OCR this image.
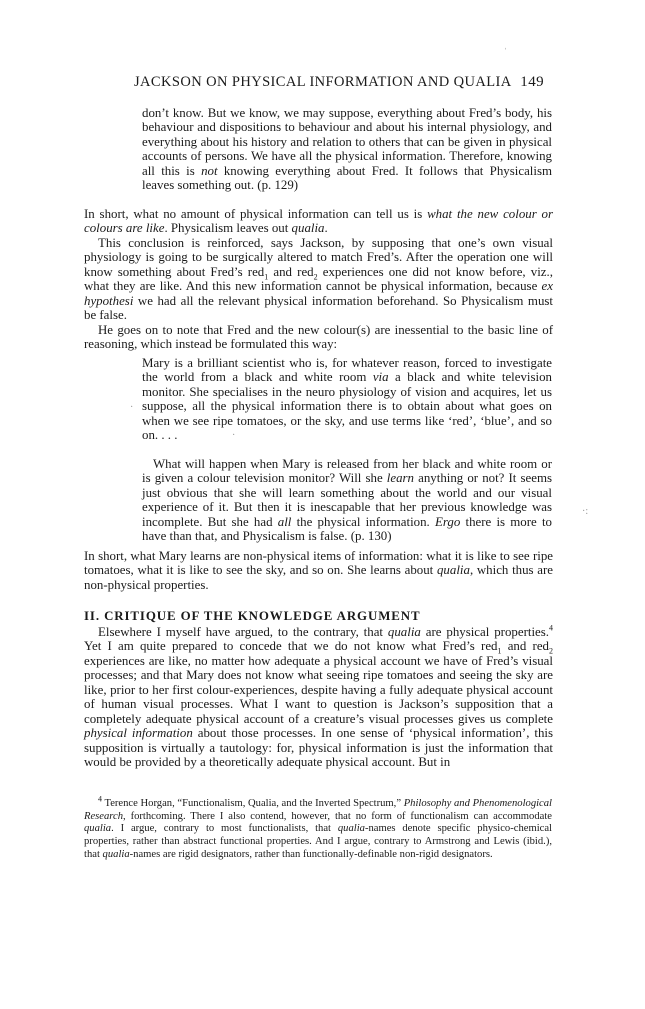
JACKSON ON PHYSICAL INFORMATION AND QUALIA 149
ˈ

don’t know. But we know, we may suppose, everything about Fred’s body, his behaviour and dispositions to behaviour and about his internal physiology, and everything about his history and relation to others that can be given in physical accounts of persons. We have all the physical information. Therefore, knowing all this is not knowing everything about Fred. It follows that Physicalism leaves something out. (p. 129)

In short, what no amount of physical information can tell us is what the new colour or colours are like. Physicalism leaves out qualia.

This conclusion is reinforced, says Jackson, by supposing that one’s own visual physiology is going to be surgically altered to match Fred’s. After the operation one will know something about Fred’s red$_1$ and red$_2$ experiences one did not know before, viz., what they are like. And this new information cannot be physical information, because ex hypothesi we had all the relevant physical information beforehand. So Physicalism must be false.

He goes on to note that Fred and the new colour(s) are inessential to the basic line of reasoning, which instead be formulated this way:

Mary is a brilliant scientist who is, for whatever reason, forced to investigate the world from a black and white room via a black and white television monitor. She specialises in the neuro physiology of vision and acquires, let us suppose, all the physical information there is to obtain about what goes on when we see ripe tomatoes, or the sky, and use terms like ‘red’, ‘blue’, and so on. . . .

·
·

What will happen when Mary is released from her black and white room or is given a colour television monitor? Will she learn anything or not? It seems just obvious that she will learn something about the world and our visual experience of it. But then it is inescapable that her previous knowledge was incomplete. But she had all the physical information. Ergo there is more to have than that, and Physicalism is false. (p. 130)

·:

In short, what Mary learns are non-physical items of information: what it is like to see ripe tomatoes, what it is like to see the sky, and so on. She learns about qualia, which thus are non-physical properties.

II. CRITIQUE OF THE KNOWLEDGE ARGUMENT

Elsewhere I myself have argued, to the contrary, that qualia are physical properties.$^4$ Yet I am quite prepared to concede that we do not know what Fred’s red$_1$ and red$_2$ experiences are like, no matter how adequate a physical account we have of Fred’s visual processes; and that Mary does not know what seeing ripe tomatoes and seeing the sky are like, prior to her first colour-experiences, despite having a fully adequate physical account of human visual processes. What I want to question is Jackson’s supposition that a completely adequate physical account of a creature’s visual processes gives us complete physical information about those processes. In one sense of ‘physical information’, this supposition is virtually a tautology: for, physical information is just the information that would be provided by a theoretically adequate physical account. But in

$^4$ Terence Horgan, “Functionalism, Qualia, and the Inverted Spectrum,” Philosophy and Phenomenological Research, forthcoming. There I also contend, however, that no form of functionalism can accommodate qualia. I argue, contrary to most functionalists, that qualia-names denote specific physico-chemical properties, rather than abstract functional properties. And I argue, contrary to Armstrong and Lewis (ibid.), that qualia-names are rigid designators, rather than functionally-definable non-rigid designators.
